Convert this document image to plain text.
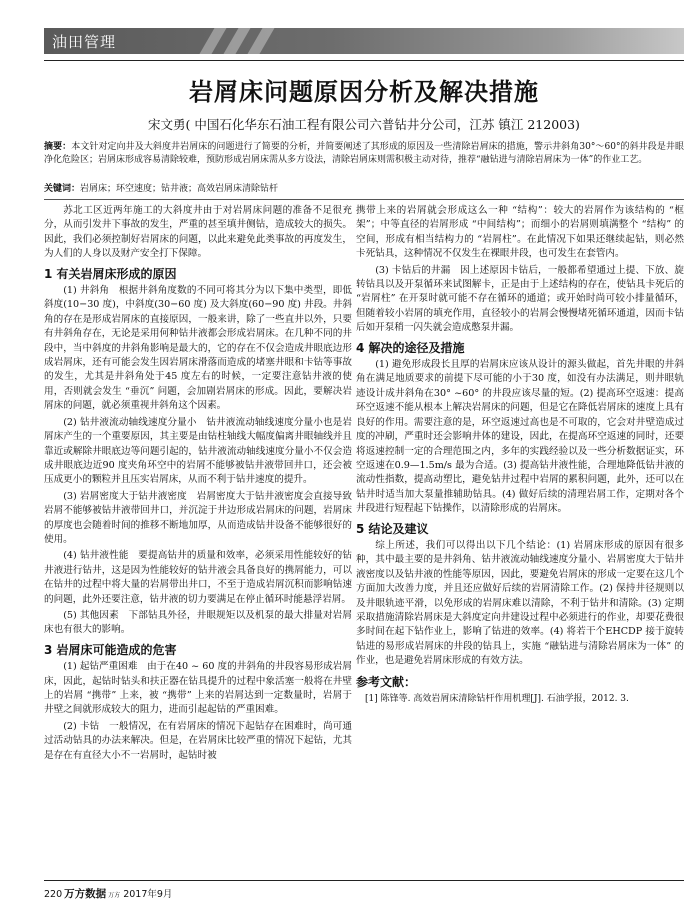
油田管理
岩屑床问题原因分析及解决措施
宋文勇( 中国石化华东石油工程有限公司六普钻井分公司，江苏 镇江 212003)
摘要：本文针对定向井及大斜度井岩屑床的问题进行了简要的分析，并简要阐述了其形成的原因及一些清除岩屑床的措施，警示井斜角30°～60°的斜井段是井眼净化危险区；岩屑床形成容易清除较难，预防形成岩屑床需从多方设法，清除岩屑床则需积极主动对待，推荐“融钻进与清除岩屑床为一体”的作业工艺。
关键词：岩屑床；环空速度；钻井液；高效岩屑床清除钻杆

苏北工区近两年施工的大斜度井由于对岩屑床问题的准备不足很充分，从而引发井下事故的发生，严重的甚至填井侧钻，造成较大的损失。因此，我们必须控制好岩屑床的问题，以此来避免此类事故的再度发生，为人们的人身以及财产安全打下保障。

1 有关岩屑床形成的原因

(1) 井斜角　根据井斜角度数的不同可将其分为以下集中类型，即低斜度(10−30 度)，中斜度(30−60 度) 及大斜度(60−90 度) 井段。井斜角的存在是形成岩屑床的直接原因，一般来讲，除了一些直井以外，只要有井斜角存在，无论是采用何种钻井液都会形成岩屑床。在几种不同的井段中，当中斜度的井斜角影响是最大的，它的存在不仅会造成井眼底边形成岩屑床，还有可能会发生因岩屑床滑落而造成的堵塞井眼和卡钻等事故的发生，尤其是井斜角处于45 度左右的时候，一定要注意钻井液的使用，否则就会发生 “垂沉” 问题，会加剧岩屑床的形成。因此，要解决岩屑床的问题，就必须重视井斜角这个因素。

(2) 钻井液流动轴线速度分量小　钻井液流动轴线速度分量小也是岩屑床产生的一个重要原因，其主要是由钻柱轴线大幅度偏离井眼轴线并且靠近或解除井眼底边等问题引起的，钻井液流动轴线速度分量小不仅会造成井眼底边近90 度夹角环空中的岩屑不能够被钻井液带回井口，还会被压成更小的颗粒并且压实岩屑床，从而不利于钻井速度的提升。

(3) 岩屑密度大于钻井液密度　岩屑密度大于钻井液密度会直接导致岩屑不能够被钻井液带回井口，并沉淀于井边形成岩屑床的问题，岩屑床的厚度也会随着时间的推移不断地加厚，从而造成钻井设备不能够很好的使用。

(4) 钻井液性能　要提高钻井的质量和效率，必须采用性能较好的钻井液进行钻井，这是因为性能较好的钻井液会具备良好的携屑能力，可以在钻井的过程中将大量的岩屑带出井口，不至于造成岩屑沉积而影响钻速的问题，此外还要注意，钻井液的切力要满足在停止循环时能悬浮岩屑。

(5) 其他因素　下部钻具外径，井眼规矩以及机泵的最大排量对岩屑床也有很大的影响。

3 岩屑床可能造成的危害

(1) 起钻严重困难　由于在40 ~ 60 度的井斜角的井段容易形成岩屑床，因此，起钻时钻头和扶正器在钻具提升的过程中象活塞一般将在井壁上的岩屑 “携带” 上来，被 “携带” 上来的岩屑达到一定数量时，岩屑于井壁之间就形成较大的阻力，进而引起起钻的严重困难。

(2) 卡钻　一般情况，在有岩屑床的情况下起钻存在困难时，尚可通过活动钻具的办法来解决。但是，在岩屑床比较严重的情况下起钻，尤其是存在有直径大小不一岩屑时，起钻时被

携带上来的岩屑就会形成这么一种 “结构”：较大的岩屑作为该结构的 “框架”；中等直径的岩屑形成 “中间结构”；而细小的岩屑则填满整个 “结构” 的空间，形成有相当结构力的 “岩屑柱”。在此情况下如果还继续起钻，则必然卡死钻具，这种情况不仅发生在裸眼井段，也可发生在套管内。

(3) 卡钻后的井漏　因上述原因卡钻后，一般都希望通过上提、下放、旋转钻具以及开泵循环来试图解卡，正是由于上述结构的存在，使钻具卡死后的 “岩屑柱” 在开泵时就可能不存在循环的通道；或开始时尚可较小排量循环，但随着较小岩屑的填充作用，直径较小的岩屑会慢慢堵死循环通道，因而卡钻后如开泵稍一闪失就会造成憋泵井漏。

4 解决的途径及措施

(1) 避免形成段长且厚的岩屑床应该从设计的源头做起，首先井眼的井斜角在满足地质要求的前提下尽可能的小于30 度，如没有办法满足，则井眼轨迹设计成井斜角在30° ~60° 的井段应该尽量的短。(2) 提高环空返速：提高环空返速不能从根本上解决岩屑床的问题，但是它在降低岩屑床的速度上具有良好的作用。需要注意的是，环空返速过高也是不可取的，它会对井壁造成过度的冲刷，严重时还会影响井体的建设，因此，在提高环空返速的同时，还要将返速控制一定的合理范围之内，多年的实践经验以及一些分析数据证实，环空返速在0.9—1.5m/s 最为合适。(3) 提高钻井液性能，合理地降低钻井液的流动性指数，提高动塑比，避免钻井过程中岩屑的累积问题，此外，还可以在钻井时适当加大泵量推辅助钻具。(4) 做好后续的清理岩屑工作，定期对各个井段进行短程起下钻操作，以清除形成的岩屑床。

5 结论及建议

综上所述，我们可以得出以下几个结论：(1) 岩屑床形成的原因有很多种，其中最主要的是井斜角、钻井液流动轴线速度分量小、岩屑密度大于钻井液密度以及钻井液的性能等原因，因此，要避免岩屑床的形成一定要在这几个方面加大改善力度，并且还应做好后续的岩屑清除工作。(2) 保持井径规则以及井眼轨迹平滑，以免形成的岩屑床难以清除，不利于钻井和清除。(3) 定期采取措施清除岩屑床是大斜度定向井建设过程中必须进行的作业，却要花费很多时间在起下钻作业上，影响了钻进的效率。(4) 将若干个EHCDP 接于旋转钻进的易形成岩屑床的井段的钻具上，实施 “融钻进与清除岩屑床为一体” 的作业，也是避免岩屑床形成的有效方法。

参考文献：

[1] 陈锋等. 高效岩屑床清除钻杆作用机理[J]. 石油学报，2012. 3.

220 万方数据 万方 2017年9月
